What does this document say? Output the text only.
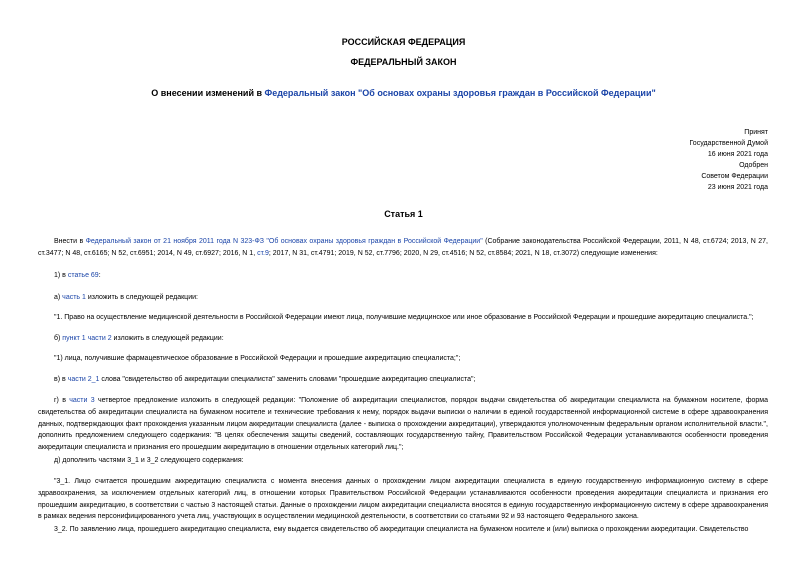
РОССИЙСКАЯ ФЕДЕРАЦИЯ
ФЕДЕРАЛЬНЫЙ ЗАКОН
О внесении изменений в Федеральный закон "Об основах охраны здоровья граждан в Российской Федерации"
Принят
Государственной Думой
16 июня 2021 года
Одобрен
Советом Федерации
23 июня 2021 года
Статья 1
Внести в Федеральный закон от 21 ноября 2011 года N 323-ФЗ "Об основах охраны здоровья граждан в Российской Федерации" (Собрание законодательства Российской Федерации, 2011, N 48, ст.6724; 2013, N 27, ст.3477; N 48, ст.6165; N 52, ст.6951; 2014, N 49, ст.6927; 2016, N 1, ст.9; 2017, N 31, ст.4791; 2019, N 52, ст.7796; 2020, N 29, ст.4516; N 52, ст.8584; 2021, N 18, ст.3072) следующие изменения:
1) в статье 69:
а) часть 1 изложить в следующей редакции:
"1. Право на осуществление медицинской деятельности в Российской Федерации имеют лица, получившие медицинское или иное образование в Российской Федерации и прошедшие аккредитацию специалиста.";
б) пункт 1 части 2 изложить в следующей редакции:
"1) лица, получившие фармацевтическое образование в Российской Федерации и прошедшие аккредитацию специалиста;";
в) в части 2_1 слова "свидетельство об аккредитации специалиста" заменить словами "прошедшие аккредитацию специалиста";
г) в части 3 четвертое предложение изложить в следующей редакции: "Положение об аккредитации специалистов, порядок выдачи свидетельства об аккредитации специалиста на бумажном носителе, форма свидетельства об аккредитации специалиста на бумажном носителе и технические требования к нему, порядок выдачи выписки о наличии в единой государственной информационной системе в сфере здравоохранения данных, подтверждающих факт прохождения указанным лицом аккредитации специалиста (далее - выписка о прохождении аккредитации), утверждаются уполномоченным федеральным органом исполнительной власти.", дополнить предложением следующего содержания: "В целях обеспечения защиты сведений, составляющих государственную тайну, Правительством Российской Федерации устанавливаются особенности проведения аккредитации специалиста и признания его прошедшим аккредитацию в отношении отдельных категорий лиц.";
д) дополнить частями 3_1 и 3_2 следующего содержания:
"3_1. Лицо считается прошедшим аккредитацию специалиста с момента внесения данных о прохождении лицом аккредитации специалиста в единую государственную информационную систему в сфере здравоохранения, за исключением отдельных категорий лиц, в отношении которых Правительством Российской Федерации устанавливаются особенности проведения аккредитации специалиста и признания его прошедшим аккредитацию, в соответствии с частью 3 настоящей статьи. Данные о прохождении лицом аккредитации специалиста вносятся в единую государственную информационную систему в сфере здравоохранения в рамках ведения персонифицированного учета лиц, участвующих в осуществлении медицинской деятельности, в соответствии со статьями 92 и 93 настоящего Федерального закона.
3_2. По заявлению лица, прошедшего аккредитацию специалиста, ему выдается свидетельство об аккредитации специалиста на бумажном носителе и (или) выписка о прохождении аккредитации. Свидетельство
